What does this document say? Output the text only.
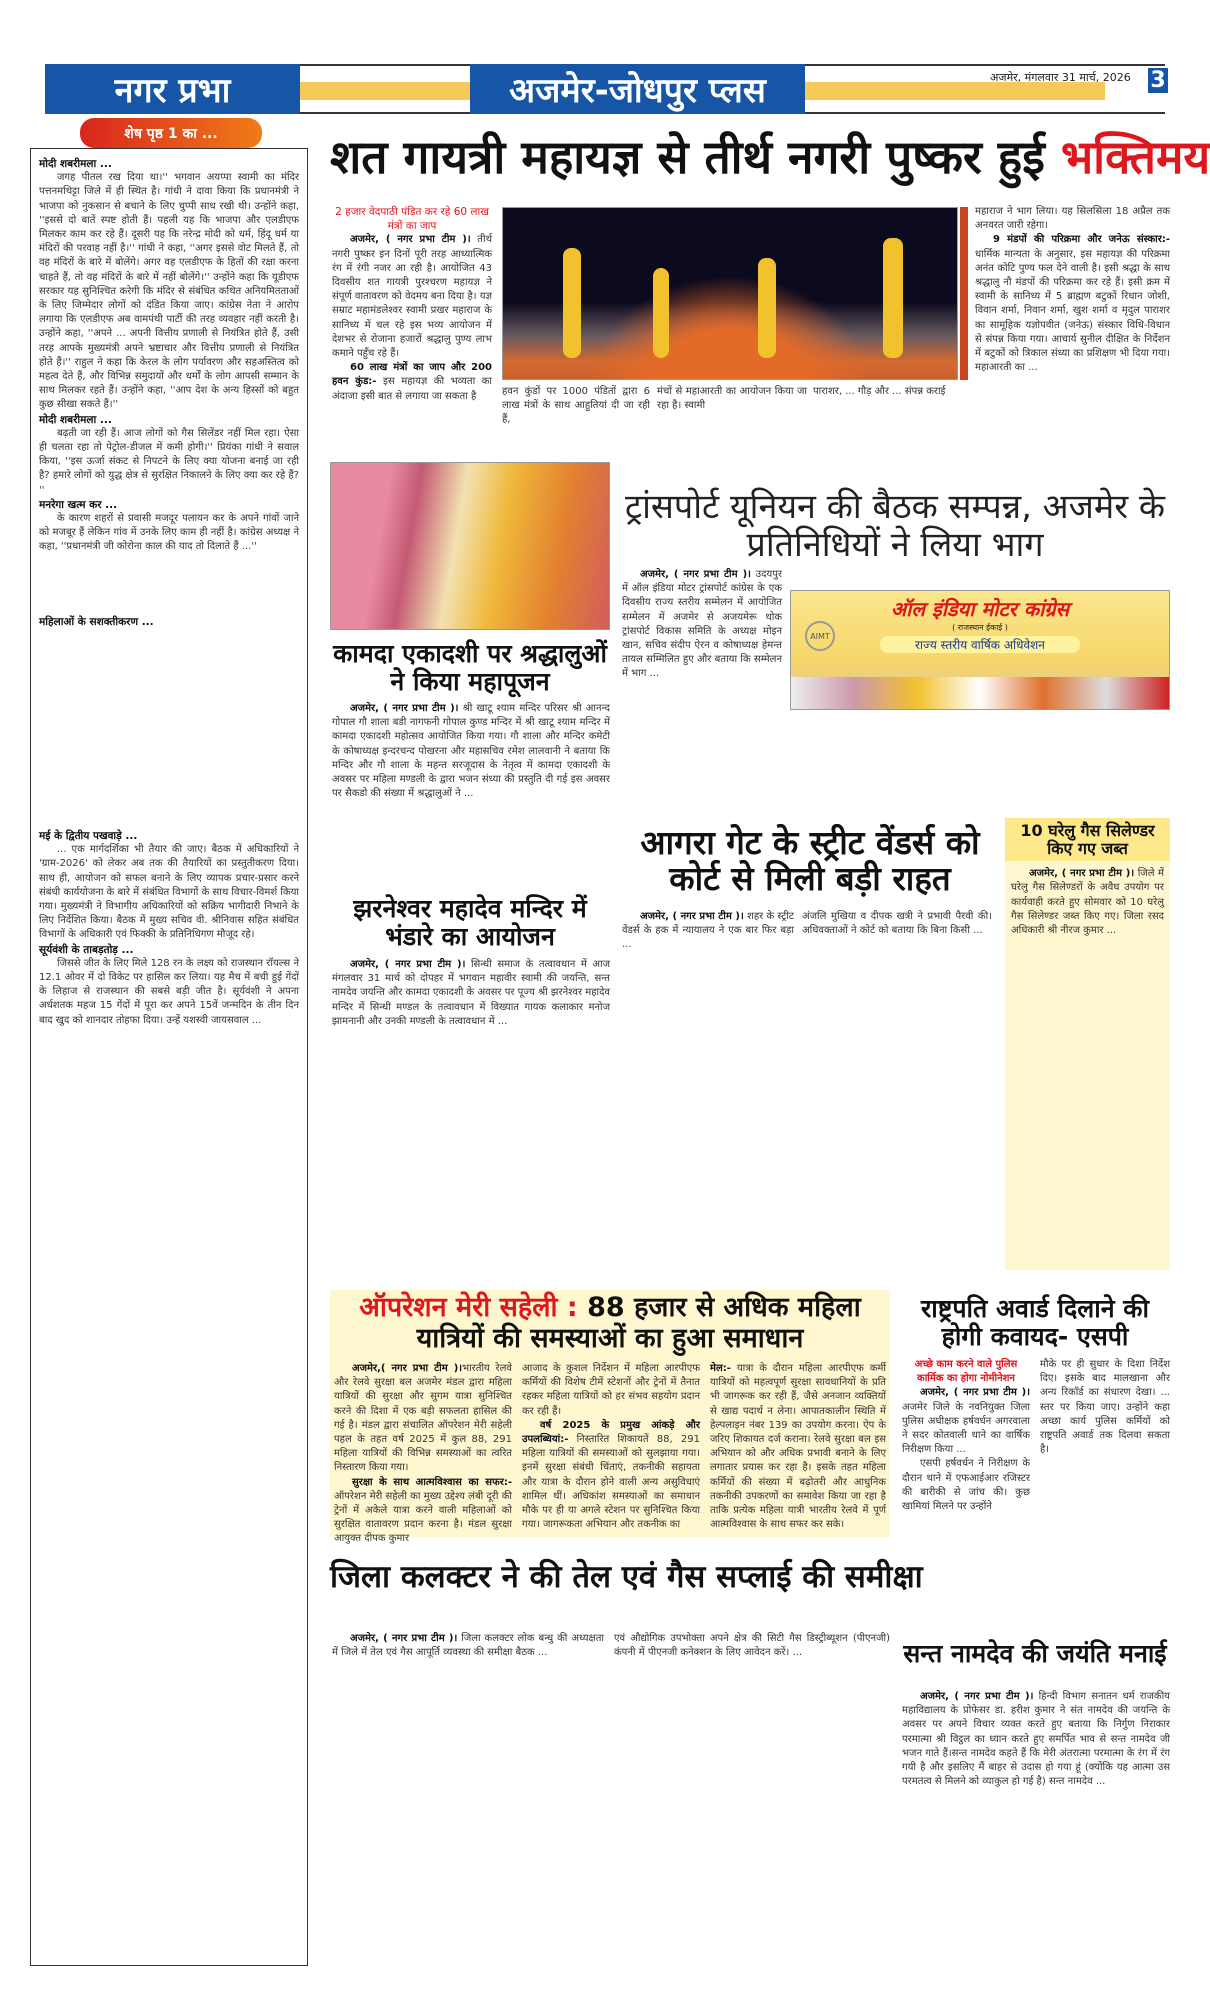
नगर प्रभा	अजमेर-जोधपुर प्लस	अजमेर, मंगलवार 31 मार्च, 2026 3
शेष पृष्ठ 1 का ...

मोदी शबरीमला ...

जगह पीतल रख दिया था।'' भगवान अयप्पा स्वामी का मंदिर पत्तनमथिट्टा जिले में ही स्थित है। गांधी ने दावा किया कि प्रधानमंत्री ने भाजपा को नुकसान से बचाने के लिए चुप्पी साध रखी थी। उन्होंने कहा, ''इससे दो बातें स्पष्ट होती हैं। पहली यह कि भाजपा और एलडीएफ मिलकर काम कर रहे हैं। दूसरी यह कि नरेन्द्र मोदी को धर्म, हिंदू धर्म या मंदिरों की परवाह नहीं है।'' गांधी ने कहा, ''अगर इससे वोट मिलते हैं, तो वह मंदिरों के बारे में बोलेंगे। अगर वह एलडीएफ के हितों की रक्षा करना चाहते हैं, तो वह मंदिरों के बारे में नहीं बोलेंगे।'' उन्होंने कहा कि यूडीएफ सरकार यह सुनिश्चित करेगी कि मंदिर से संबंधित कथित अनियमितताओं के लिए जिम्मेदार लोगों को दंडित किया जाए। कांग्रेस नेता ने आरोप लगाया कि एलडीएफ अब वामपंथी पार्टी की तरह व्यवहार नहीं करती है। उन्होंने कहा, ''अपने ... अपनी वित्तीय प्रणाली से नियंत्रित होते हैं, उसी तरह आपके मुख्यमंत्री अपने भ्रष्टाचार और वित्तीय प्रणाली से नियंत्रित होते हैं।'' राहुल ने कहा कि केरल के लोग पर्यावरण और सहअस्तित्व को महत्व देते हैं, और विभिन्न समुदायों और धर्मों के लोग आपसी सम्मान के साथ मिलकर रहते हैं। उन्होंने कहा, ''आप देश के अन्य हिस्सों को बहुत कुछ सीखा सकते हैं।''

मोदी शबरीमला ...

बढ़ती जा रही हैं। आज लोगों को गैस सिलेंडर नहीं मिल रहा। ऐसा ही चलता रहा तो पेट्रोल-डीजल में कमी होगी।'' प्रियंका गांधी ने सवाल किया, ''इस ऊर्जा संकट से निपटने के लिए क्या योजना बनाई जा रही है? हमारे लोगों को युद्ध क्षेत्र से सुरक्षित निकालने के लिए क्या कर रहे हैं? ''

मनरेगा खत्म कर ...

के कारण शहरों से प्रवासी मजदूर पलायन कर के अपने गांवों जाने को मजबूर हैं लेकिन गांव में उनके लिए काम ही नहीं है। कांग्रेस अध्यक्ष ने कहा, ''प्रधानमंत्री जी कोरोना काल की याद तो दिलाते हैं ...''

महिलाओं के सशक्तीकरण ...

मई के द्वितीय पखवाड़े ...

... एक मार्गदर्शिका भी तैयार की जाए। बैठक में अधिकारियों ने 'ग्राम-2026' को लेकर अब तक की तैयारियों का प्रस्तुतीकरण दिया। साथ ही, आयोजन को सफल बनाने के लिए व्यापक प्रचार-प्रसार करने संबंधी कार्ययोजना के बारे में संबंधित विभागों के साथ विचार-विमर्श किया गया। मुख्यमंत्री ने विभागीय अधिकारियों को सक्रिय भागीदारी निभाने के लिए निर्देशित किया। बैठक में मुख्य सचिव वी. श्रीनिवास सहित संबंधित विभागों के अधिकारी एवं फिक्की के प्रतिनिधिगण मौजूद रहे।

सूर्यवंशी के ताबड़तोड़ ...

जिससे जीत के लिए मिले 128 रन के लक्ष्य को राजस्थान रॉयल्स ने 12.1 ओवर में दो विकेट पर हासिल कर लिया। यह मैच में बची हुई गेंदों के लिहाज से राजस्थान की सबसे बड़ी जीत है। सूर्यवंशी ने अपना अर्धशतक महज 15 गेंदों में पूरा कर अपने 15वें जन्मदिन के तीन दिन बाद खुद को शानदार तोहफा दिया। उन्हें यशस्वी जायसवाल ...

शत गायत्री महायज्ञ से तीर्थ नगरी पुष्कर हुई भक्तिमय
2 हजार वेदपाठी पंडित कर रहे 60 लाख मंत्रों का जाप

अजमेर, ( नगर प्रभा टीम )। तीर्थ नगरी पुष्कर इन दिनों पूरी तरह आध्यात्मिक रंग में रंगी नजर आ रही है। आयोजित 43 दिवसीय शत गायत्री पुरश्चरण महायज्ञ ने संपूर्ण वातावरण को वेदमय बना दिया है। यज्ञ सम्राट महामंडलेश्वर स्वामी प्रखर महाराज के सानिध्य में चल रहे इस भव्य आयोजन में देशभर से रोजाना हजारों श्रद्धालु पुण्य लाभ कमाने पहुँच रहे हैं।

60 लाख मंत्रों का जाप और 200 हवन कुंड:- इस महायज्ञ की भव्यता का अंदाजा इसी बात से लगाया जा सकता है	हवन कुंडों पर 1000 पंडितों द्वारा 6 लाख मंत्रों के साथ आहुतियां दी जा रही हैं,
मंचों से महाआरती का आयोजन किया जा रहा है। स्वामी
पाराशर, ... गौड़ और ... संपन्न कराई

महाराज ने भाग लिया। यह सिलसिला 18 अप्रैल तक अनवरत जारी रहेगा।

9 मंडपों की परिक्रमा और जनेऊ संस्कार:- धार्मिक मान्यता के अनुसार, इस महायज्ञ की परिक्रमा अनंत कोटि पुण्य फल देने वाली है। इसी श्रद्धा के साथ श्रद्धालु नौ मंडपों की परिक्रमा कर रहे हैं। इसी क्रम में स्वामी के सानिध्य में 5 ब्राह्मण बटुकों रिधान जोशी, विवान शर्मा, निवान शर्मा, खुश शर्मा व मृदुल पाराशर का सामूहिक यज्ञोपवीत (जनेऊ) संस्कार विधि-विधान से संपन्न किया गया। आचार्य सुनील दीक्षित के निर्देशन में बटुकों को त्रिकाल संध्या का प्रशिक्षण भी दिया गया। महाआरती का ...

कामदा एकादशी पर श्रद्धालुओं ने किया महापूजन

अजमेर, ( नगर प्रभा टीम )। श्री खाटू श्याम मन्दिर परिसर श्री आनन्द गोपाल गौ शाला बडी नागफनी गोपाल कुण्ड मन्दिर में श्री खाटू श्याम मन्दिर में कामदा एकादशी महोत्सव आयोजित किया गया। गौ शाला और मन्दिर कमेटी के कोषाध्यक्ष इन्दरचन्द पोखरना और महासचिव रमेश लालवानी ने बताया कि मन्दिर और गौ शाला के महन्त सरजूदास के नेतृत्व में कामदा एकादशी के अवसर पर महिला मण्डली के द्वारा भजन संध्या की प्रस्तुति दी गई इस अवसर पर सैकडो की संख्या में श्रद्धालुओं ने ...

ट्रांसपोर्ट यूनियन की बैठक सम्पन्न, अजमेर के प्रतिनिधियों ने लिया भाग

अजमेर, ( नगर प्रभा टीम )। उदयपुर में ऑल इंडिया मोटर ट्रांसपोर्ट कांग्रेस के एक दिवसीय राज्य स्तरीय सम्मेलन में आयोजित सम्मेलन में अजमेर से अजयमेरू थोक ट्रांसपोर्ट विकास समिति के अध्यक्ष मोइन खान, सचिव संदीप ऐरन व कोषाध्यक्ष हेमन्त तायल सम्मिलित हुए और बताया कि सम्मेलन में भाग ...

ऑल इंडिया मोटर कांग्रेस
( राजस्थान ईकाई )
राज्य स्तरीय वार्षिक अधिवेशन
AIMT
झरनेश्वर महादेव मन्दिर में भंडारे का आयोजन

अजमेर, ( नगर प्रभा टीम )। सिन्धी समाज के तत्वावधान में आज मंगलवार 31 मार्च को दोपहर में भगवान महावीर स्वामी की जयन्ति, सन्त नामदेव जयन्ति और कामदा एकादशी के अवसर पर पूज्य श्री झरनेश्वर महादेव मन्दिर में सिन्धी मण्डल के तत्वावधान में विख्यात गायक कलाकार मनोज झामनानी और उनकी मण्डली के तत्वावधान में ...

आगरा गेट के स्ट्रीट वेंडर्स को कोर्ट से मिली बड़ी राहत

अजमेर, ( नगर प्रभा टीम )। शहर के स्ट्रीट वेंडर्स के हक में न्यायालय ने एक बार फिर बड़ा ...

अंजलि मुखिया व दीपक खत्री ने प्रभावी पैरवी की। अधिवक्ताओं ने कोर्ट को बताया कि बिना किसी ...
10 घरेलु गैस सिलेण्डर किए गए जब्त

अजमेर, ( नगर प्रभा टीम )। जिले में घरेलु गैस सिलेण्डरों के अवैध उपयोग पर कार्यवाही करते हुए सोमवार को 10 घरेलु गैस सिलेण्डर जब्त किए गए। जिला रसद अधिकारी श्री नीरज कुमार ...

ऑपरेशन मेरी सहेली : 88 हजार से अधिक महिला यात्रियों की समस्याओं का हुआ समाधान

अजमेर,( नगर प्रभा टीम )।भारतीय रेलवे और रेलवे सुरक्षा बल अजमेर मंडल द्वारा महिला यात्रियों की सुरक्षा और सुगम यात्रा सुनिश्चित करने की दिशा में एक बड़ी सफलता हासिल की गई है। मंडल द्वारा संचालित ऑपरेशन मेरी सहेली पहल के तहत वर्ष 2025 में कुल 88, 291 महिला यात्रियों की विभिन्न समस्याओं का त्वरित निस्तारण किया गया।

सुरक्षा के साथ आत्मविश्वास का सफर:- ऑपरेशन मेरी सहेली का मुख्य उद्देश्य लंबी दूरी की ट्रेनों में अकेले यात्रा करने वाली महिलाओं को सुरक्षित वातावरण प्रदान करना है। मंडल सुरक्षा आयुक्त दीपक कुमार

आजाद के कुशल निर्देशन में महिला आरपीएफ कर्मियों की विशेष टीमें स्टेशनों और ट्रेनों में तैनात रहकर महिला यात्रियों को हर संभव सहयोग प्रदान कर रही हैं।

वर्ष 2025 के प्रमुख आंकड़े और उपलब्धियां:- निस्तारित शिकायतें 88, 291 महिला यात्रियों की समस्याओं को सुलझाया गया। इनमें सुरक्षा संबंधी चिंताएं, तकनीकी सहायता और यात्रा के दौरान होने वाली अन्य असुविधाएं शामिल थीं। अधिकांश समस्याओं का समाधान मौके पर ही या अगले स्टेशन पर सुनिश्चित किया गया। जागरूकता अभियान और तकनीक का

मेल:- यात्रा के दौरान महिला आरपीएफ कर्मी यात्रियों को महत्वपूर्ण सुरक्षा सावधानियों के प्रति भी जागरूक कर रही हैं, जैसे अनजान व्यक्तियों से खाद्य पदार्थ न लेना। आपातकालीन स्थिति में हेल्पलाइन नंबर 139 का उपयोग करना। ऐप के जरिए शिकायत दर्ज कराना। रेलवे सुरक्षा बल इस अभियान को और अधिक प्रभावी बनाने के लिए लगातार प्रयास कर रहा है। इसके तहत महिला कर्मियों की संख्या में बढ़ोतरी और आधुनिक तकनीकी उपकरणों का समावेश किया जा रहा है ताकि प्रत्येक महिला यात्री भारतीय रेलवे में पूर्ण आत्मविश्वास के साथ सफर कर सके।

राष्ट्रपति अवार्ड दिलाने की होगी कवायद- एसपी
अच्छे काम करने वाले पुलिस कार्मिक का होगा नोमीनेशन

अजमेर, ( नगर प्रभा टीम )। अजमेर जिले के नवनियुक्त जिला पुलिस अधीक्षक हर्षवर्धन अगरवाला ने सदर कोतवाली थाने का वार्षिक निरीक्षण किया ...

एसपी हर्षवर्धन ने निरीक्षण के दौरान थाने में एफआईआर रजिस्टर की बारीकी से जांच की। कुछ खामियां मिलने पर उन्होंने

मौके पर ही सुधार के दिशा निर्देश दिए। इसके बाद मालखाना और अन्य रिकॉर्ड का संधारण देखा। ... स्तर पर किया जाए। उन्होंने कहा अच्छा कार्य पुलिस कर्मियों को राष्ट्रपति अवार्ड तक दिलवा सकता है।
जिला कलक्टर ने की तेल एवं गैस सप्लाई की समीक्षा

अजमेर, ( नगर प्रभा टीम )। जिला कलक्टर लोक बन्धु की अध्यक्षता में जिले में तेल एवं गैस आपूर्ति व्यवस्था की समीक्षा बैठक ...

एवं औद्योगिक उपभोक्ता अपने क्षेत्र की सिटी गैस डिस्ट्रीब्यूशन (पीएनजी) कंपनी में पीएनजी कनेक्शन के लिए आवेदन करें। ...	सन्त नामदेव की जयंति मनाई

अजमेर, ( नगर प्रभा टीम )। हिन्दी विभाग सनातन धर्म राजकीय महाविद्यालय के प्रोफेसर डा. हरीश कुमार ने संत नामदेव की जयन्ति के अवसर पर अपने विचार व्यक्त करते हुए बताया कि निर्गुण निराकार परमात्मा श्री विट्ठल का ध्यान करते हुए समर्पित भाव से सन्त नामदेव जी भजन गाते हैं।सन्त नामदेव कहते हैं कि मेरी अंतरात्मा परमात्मा के रंग में रंग गयी है और इसलिए मैं बाहर से उदास हो गया हूं (क्योंकि यह आत्मा उस परमतत्व से मिलने को व्याकुल हो गई है) सन्त नामदेव ...
